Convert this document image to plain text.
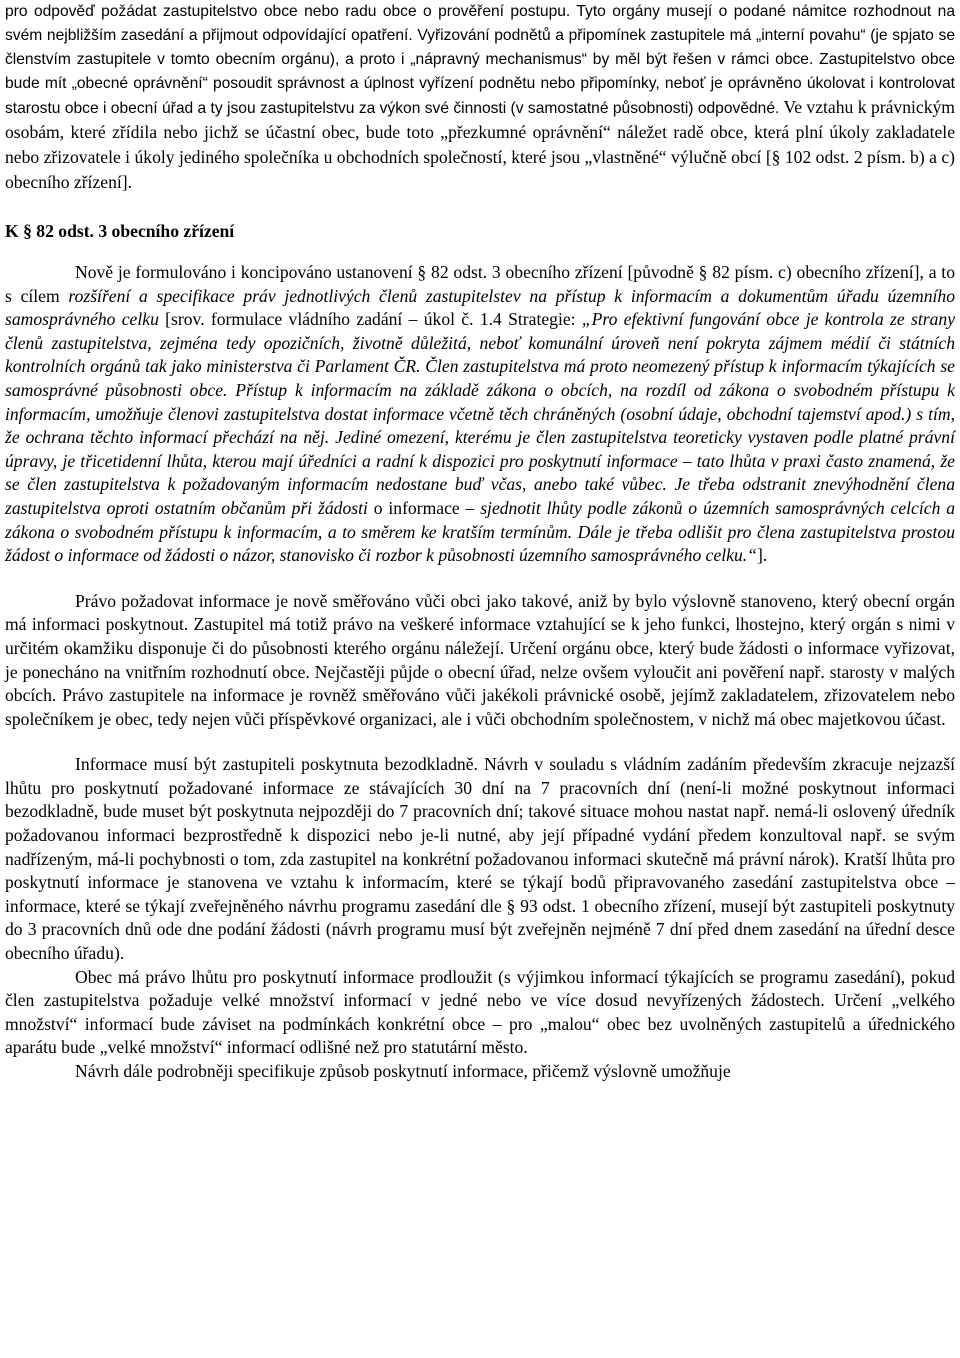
pro odpověď požádat zastupitelstvo obce nebo radu obce o prověření postupu. Tyto orgány musejí o podané námitce rozhodnout na svém nejbližším zasedání a přijmout odpovídající opatření. Vyřizování podnětů a připomínek zastupitele má „interní povahu“ (je spjato se členstvím zastupitele v tomto obecním orgánu), a proto i „nápravný mechanismus“ by měl být řešen v rámci obce. Zastupitelstvo obce bude mít „obecné oprávnění“ posoudit správnost a úplnost vyřízení podnětu nebo připomínky, neboť je oprávněno úkolovat i kontrolovat starostu obce i obecní úřad a ty jsou zastupitelstvu za výkon své činnosti (v samostatné působnosti) odpovědné. Ve vztahu k právnickým osobám, které zřídila nebo jichž se účastní obec, bude toto „přezkumné oprávnění“ náležet radě obce, která plní úkoly zakladatele nebo zřizovatele i úkoly jediného společníka u obchodních společností, které jsou „vlastněné“ výlučně obcí [§ 102 odst. 2 písm. b) a c) obecního zřízení].

K § 82 odst. 3 obecního zřízení

Nově je formulováno i koncipováno ustanovení § 82 odst. 3 obecního zřízení [původně § 82 písm. c) obecního zřízení], a to s cílem rozšíření a specifikace práv jednotlivých členů zastupitelstev na přístup k informacím a dokumentům úřadu územního samosprávného celku [srov. formulace vládního zadání – úkol č. 1.4 Strategie: „Pro efektivní fungování obce je kontrola ze strany členů zastupitelstva, zejména tedy opozičních, životně důležitá, neboť komunální úroveň není pokryta zájmem médií či státních kontrolních orgánů tak jako ministerstva či Parlament ČR. Člen zastupitelstva má proto neomezený přístup k informacím týkajících se samosprávné působnosti obce. Přístup k informacím na základě zákona o obcích, na rozdíl od zákona o svobodném přístupu k informacím, umožňuje členovi zastupitelstva dostat informace včetně těch chráněných (osobní údaje, obchodní tajemství apod.) s tím, že ochrana těchto informací přechází na něj. Jediné omezení, kterému je člen zastupitelstva teoreticky vystaven podle platné právní úpravy, je třicetidenní lhůta, kterou mají úředníci a radní k dispozici pro poskytnutí informace – tato lhůta v praxi často znamená, že se člen zastupitelstva k požadovaným informacím nedostane buď včas, anebo také vůbec. Je třeba odstranit znevýhodnění člena zastupitelstva oproti ostatním občanům při žádosti o informace – sjednotit lhůty podle zákonů o územních samosprávných celcích a zákona o svobodném přístupu k informacím, a to směrem ke kratším termínům. Dále je třeba odlišit pro člena zastupitelstva prostou žádost o informace od žádosti o názor, stanovisko či rozbor k působnosti územního samosprávného celku.“].

Právo požadovat informace je nově směřováno vůči obci jako takové, aniž by bylo výslovně stanoveno, který obecní orgán má informaci poskytnout. Zastupitel má totiž právo na veškeré informace vztahující se k jeho funkci, lhostejno, který orgán s nimi v určitém okamžiku disponuje či do působnosti kterého orgánu náležejí. Určení orgánu obce, který bude žádosti o informace vyřizovat, je ponecháno na vnitřním rozhodnutí obce. Nejčastěji půjde o obecní úřad, nelze ovšem vyloučit ani pověření např. starosty v malých obcích. Právo zastupitele na informace je rovněž směřováno vůči jakékoli právnické osobě, jejímž zakladatelem, zřizovatelem nebo společníkem je obec, tedy nejen vůči příspěvkové organizaci, ale i vůči obchodním společnostem, v nichž má obec majetkovou účast.

Informace musí být zastupiteli poskytnuta bezodkladně. Návrh v souladu s vládním zadáním především zkracuje nejzazší lhůtu pro poskytnutí požadované informace ze stávajících 30 dní na 7 pracovních dní (není-li možné poskytnout informaci bezodkladně, bude muset být poskytnuta nejpozději do 7 pracovních dní; takové situace mohou nastat např. nemá-li oslovený úředník požadovanou informaci bezprostředně k dispozici nebo je-li nutné, aby její případné vydání předem konzultoval např. se svým nadřízeným, má-li pochybnosti o tom, zda zastupitel na konkrétní požadovanou informaci skutečně má právní nárok). Kratší lhůta pro poskytnutí informace je stanovena ve vztahu k informacím, které se týkají bodů připravovaného zasedání zastupitelstva obce – informace, které se týkají zveřejněného návrhu programu zasedání dle § 93 odst. 1 obecního zřízení, musejí být zastupiteli poskytnuty do 3 pracovních dnů ode dne podání žádosti (návrh programu musí být zveřejněn nejméně 7 dní před dnem zasedání na úřední desce obecního úřadu).

Obec má právo lhůtu pro poskytnutí informace prodloužit (s výjimkou informací týkajících se programu zasedání), pokud člen zastupitelstva požaduje velké množství informací v jedné nebo ve více dosud nevyřízených žádostech. Určení „velkého množství“ informací bude záviset na podmínkách konkrétní obce – pro „malou“ obec bez uvolněných zastupitelů a úřednického aparátu bude „velké množství“ informací odlišné než pro statutární město.

Návrh dále podrobněji specifikuje způsob poskytnutí informace, přičemž výslovně umožňuje
